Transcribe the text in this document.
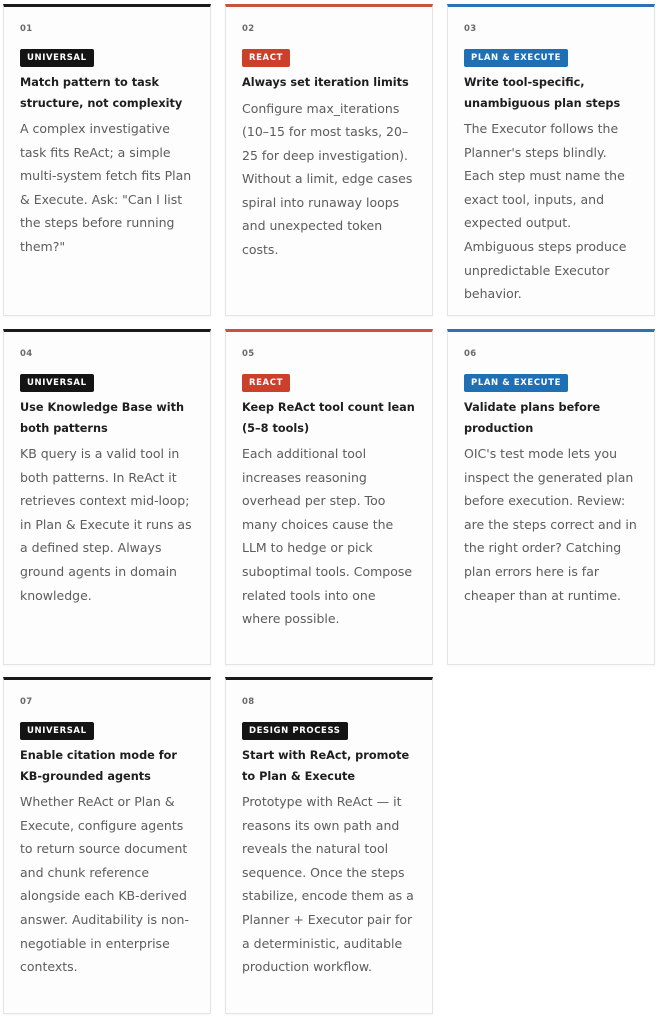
01
UNIVERSAL
Match pattern to task structure, not complexity

A complex investigative task fits ReAct; a simple multi-system fetch fits Plan & Execute. Ask: "Can I list the steps before running them?"

02
REACT
Always set iteration limits

Configure max_iterations (10–15 for most tasks, 20–25 for deep investigation). Without a limit, edge cases spiral into runaway loops and unexpected token costs.

03
PLAN & EXECUTE
Write tool-specific, unambiguous plan steps

The Executor follows the Planner's steps blindly. Each step must name the exact tool, inputs, and expected output. Ambiguous steps produce unpredictable Executor behavior.

04
UNIVERSAL
Use Knowledge Base with both patterns

KB query is a valid tool in both patterns. In ReAct it retrieves context mid-loop; in Plan & Execute it runs as a defined step. Always ground agents in domain knowledge.

05
REACT
Keep ReAct tool count lean (5–8 tools)

Each additional tool increases reasoning overhead per step. Too many choices cause the LLM to hedge or pick suboptimal tools. Compose related tools into one where possible.

06
PLAN & EXECUTE
Validate plans before production

OIC's test mode lets you inspect the generated plan before execution. Review: are the steps correct and in the right order? Catching plan errors here is far cheaper than at runtime.

07
UNIVERSAL
Enable citation mode for KB-grounded agents

Whether ReAct or Plan & Execute, configure agents to return source document and chunk reference alongside each KB-derived answer. Auditability is non-negotiable in enterprise contexts.

08
DESIGN PROCESS
Start with ReAct, promote to Plan & Execute

Prototype with ReAct — it reasons its own path and reveals the natural tool sequence. Once the steps stabilize, encode them as a Planner + Executor pair for a deterministic, auditable production workflow.
